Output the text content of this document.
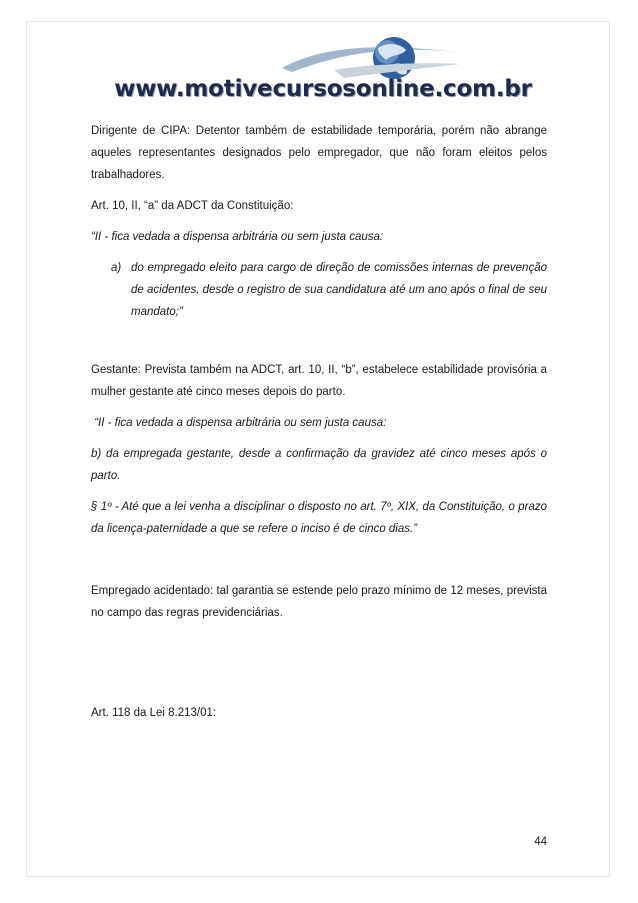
www.motivecursosonline.com.br

Dirigente de CIPA: Detentor também de estabilidade temporária, porém não abrange aqueles representantes designados pelo empregador, que não foram eleitos pelos trabalhadores.

Art. 10, II, “a” da ADCT da Constituição:

“II - fica vedada a dispensa arbitrária ou sem justa causa:

a) do empregado eleito para cargo de direção de comissões internas de prevenção de acidentes, desde o registro de sua candidatura até um ano após o final de seu mandato;”

Gestante: Prevista também na ADCT, art. 10, II, “b”, estabelece estabilidade provisória a mulher gestante até cinco meses depois do parto.

“II - fica vedada a dispensa arbitrária ou sem justa causa:

b) da empregada gestante, desde a confirmação da gravidez até cinco meses após o parto.

§ 1º - Até que a lei venha a disciplinar o disposto no art. 7º, XIX, da Constituição, o prazo da licença-paternidade a que se refere o inciso é de cinco dias.”

Empregado acidentado: tal garantia se estende pelo prazo mínimo de 12 meses, prevista no campo das regras previdenciárias.

Art. 118 da Lei 8.213/01:

44
